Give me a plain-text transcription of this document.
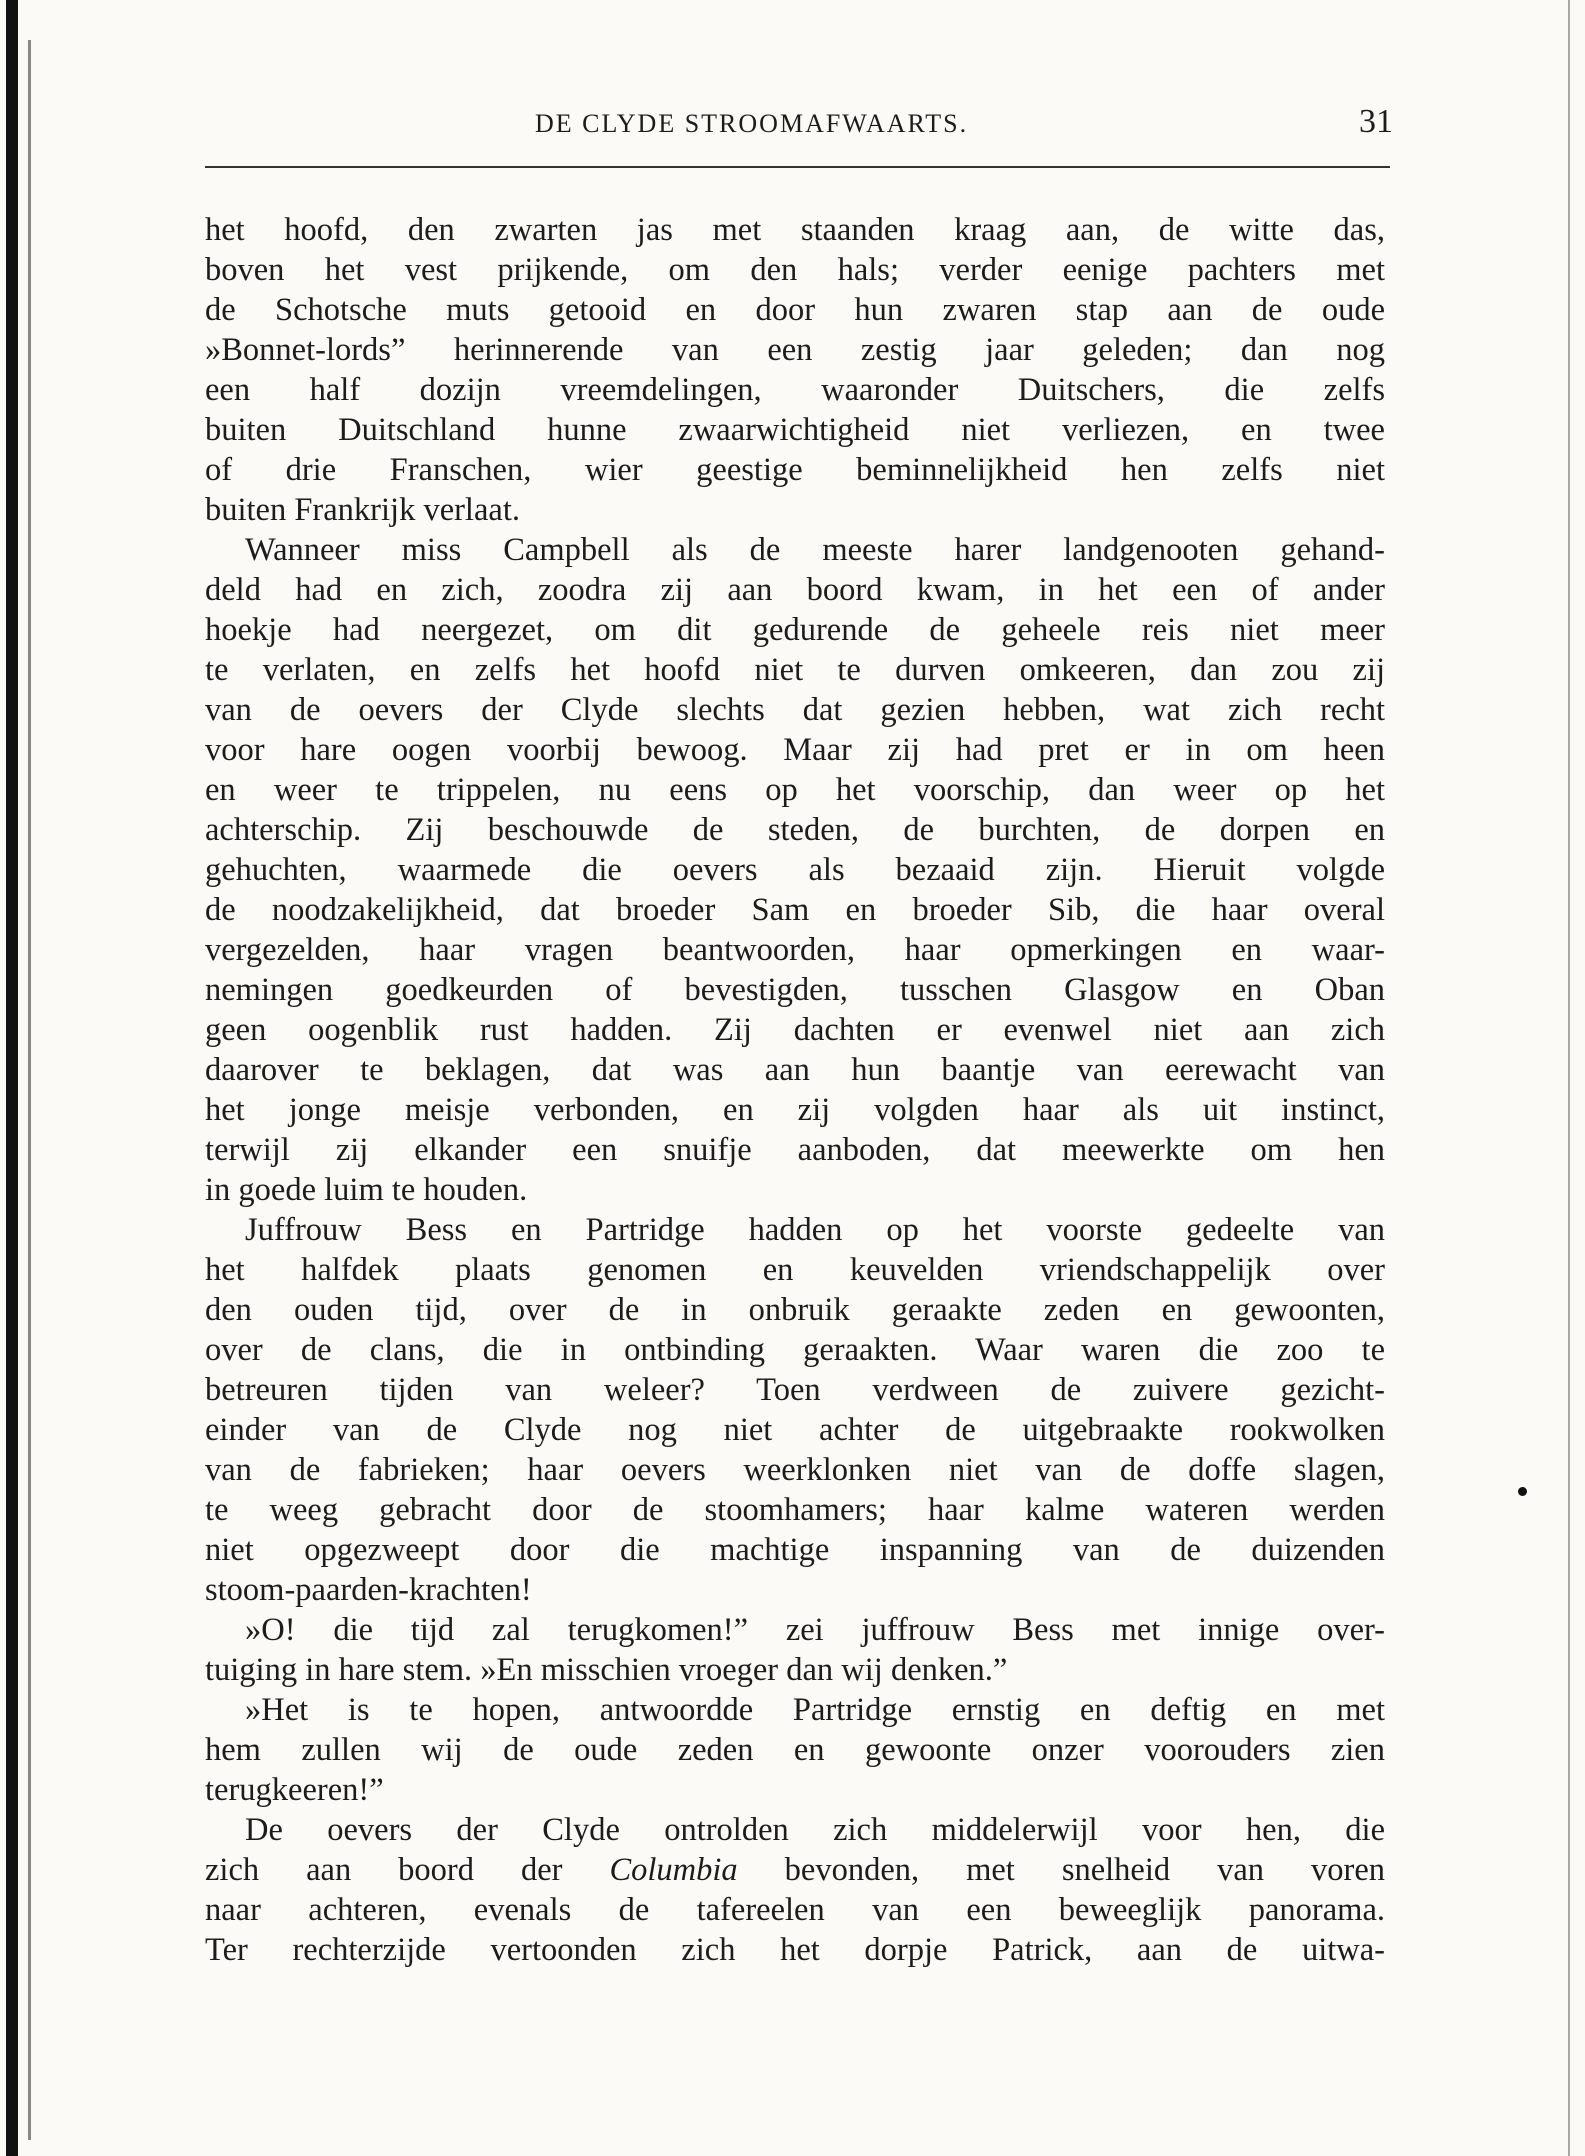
DE CLYDE STROOMAFWAARTS.	31
het hoofd, den zwarten jas met staanden kraag aan, de witte das,
boven het vest prijkende, om den hals; verder eenige pachters met
de Schotsche muts getooid en door hun zwaren stap aan de oude
»Bonnet-lords” herinnerende van een zestig jaar geleden; dan nog
een half dozijn vreemdelingen, waaronder Duitschers, die zelfs
buiten Duitschland hunne zwaarwichtigheid niet verliezen, en twee
of drie Franschen, wier geestige beminnelijkheid hen zelfs niet
buiten Frankrijk verlaat.
Wanneer miss Campbell als de meeste harer landgenooten gehand-
deld had en zich, zoodra zij aan boord kwam, in het een of ander
hoekje had neergezet, om dit gedurende de geheele reis niet meer
te verlaten, en zelfs het hoofd niet te durven omkeeren, dan zou zij
van de oevers der Clyde slechts dat gezien hebben, wat zich recht
voor hare oogen voorbij bewoog. Maar zij had pret er in om heen
en weer te trippelen, nu eens op het voorschip, dan weer op het
achterschip. Zij beschouwde de steden, de burchten, de dorpen en
gehuchten, waarmede die oevers als bezaaid zijn. Hieruit volgde
de noodzakelijkheid, dat broeder Sam en broeder Sib, die haar overal
vergezelden, haar vragen beantwoorden, haar opmerkingen en waar-
nemingen goedkeurden of bevestigden, tusschen Glasgow en Oban
geen oogenblik rust hadden. Zij dachten er evenwel niet aan zich
daarover te beklagen, dat was aan hun baantje van eerewacht van
het jonge meisje verbonden, en zij volgden haar als uit instinct,
terwijl zij elkander een snuifje aanboden, dat meewerkte om hen
in goede luim te houden.
Juffrouw Bess en Partridge hadden op het voorste gedeelte van
het halfdek plaats genomen en keuvelden vriendschappelijk over
den ouden tijd, over de in onbruik geraakte zeden en gewoonten,
over de clans, die in ontbinding geraakten. Waar waren die zoo te
betreuren tijden van weleer? Toen verdween de zuivere gezicht-
einder van de Clyde nog niet achter de uitgebraakte rookwolken
van de fabrieken; haar oevers weerklonken niet van de doffe slagen,
te weeg gebracht door de stoomhamers; haar kalme wateren werden
niet opgezweept door die machtige inspanning van de duizenden
stoom-paarden-krachten!
»O! die tijd zal terugkomen!” zei juffrouw Bess met innige over-
tuiging in hare stem. »En misschien vroeger dan wij denken.”
»Het is te hopen, antwoordde Partridge ernstig en deftig en met
hem zullen wij de oude zeden en gewoonte onzer voorouders zien
terugkeeren!”
De oevers der Clyde ontrolden zich middelerwijl voor hen, die
zich aan boord der Columbia bevonden, met snelheid van voren
naar achteren, evenals de tafereelen van een beweeglijk panorama.
Ter rechterzijde vertoonden zich het dorpje Patrick, aan de uitwa-
